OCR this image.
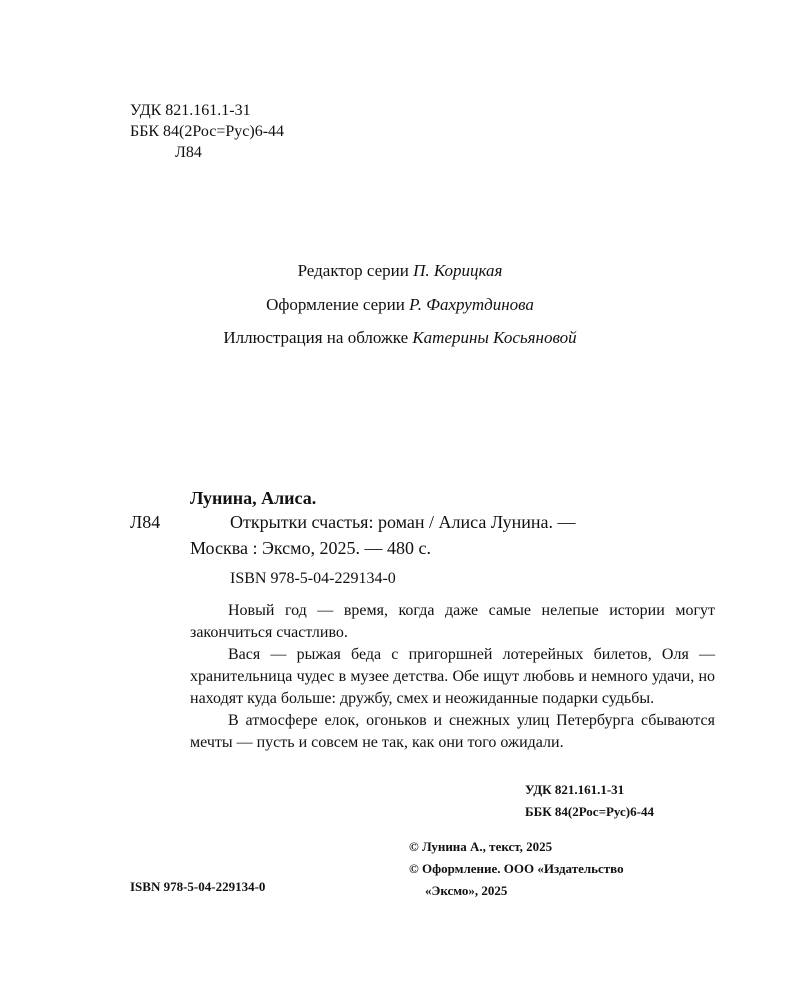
УДК 821.161.1-31
ББК 84(2Рос=Рус)6-44
Л84
Редактор серии П. Корицкая
Оформление серии Р. Фахрутдинова
Иллюстрация на обложке Катерины Косьяновой
Лунина, Алиса.
Л84	Открытки счастья: роман / Алиса Лунина. —
Москва : Эксмо, 2025. — 480 с.
ISBN 978-5-04-229134-0

Новый год — время, когда даже самые нелепые истории могут закончиться счастливо.

Вася — рыжая беда с пригоршней лотерейных билетов, Оля — хранительница чудес в музее детства. Обе ищут любовь и немного удачи, но находят куда больше: дружбу, смех и неожиданные подарки судьбы.

В атмосфере елок, огоньков и снежных улиц Петербурга сбываются мечты — пусть и совсем не так, как они того ожидали.

УДК 821.161.1-31
ББК 84(2Рос=Рус)6-44
© Лунина А., текст, 2025
© Оформление. ООО «Издательство
«Эксмо», 2025
ISBN 978-5-04-229134-0
